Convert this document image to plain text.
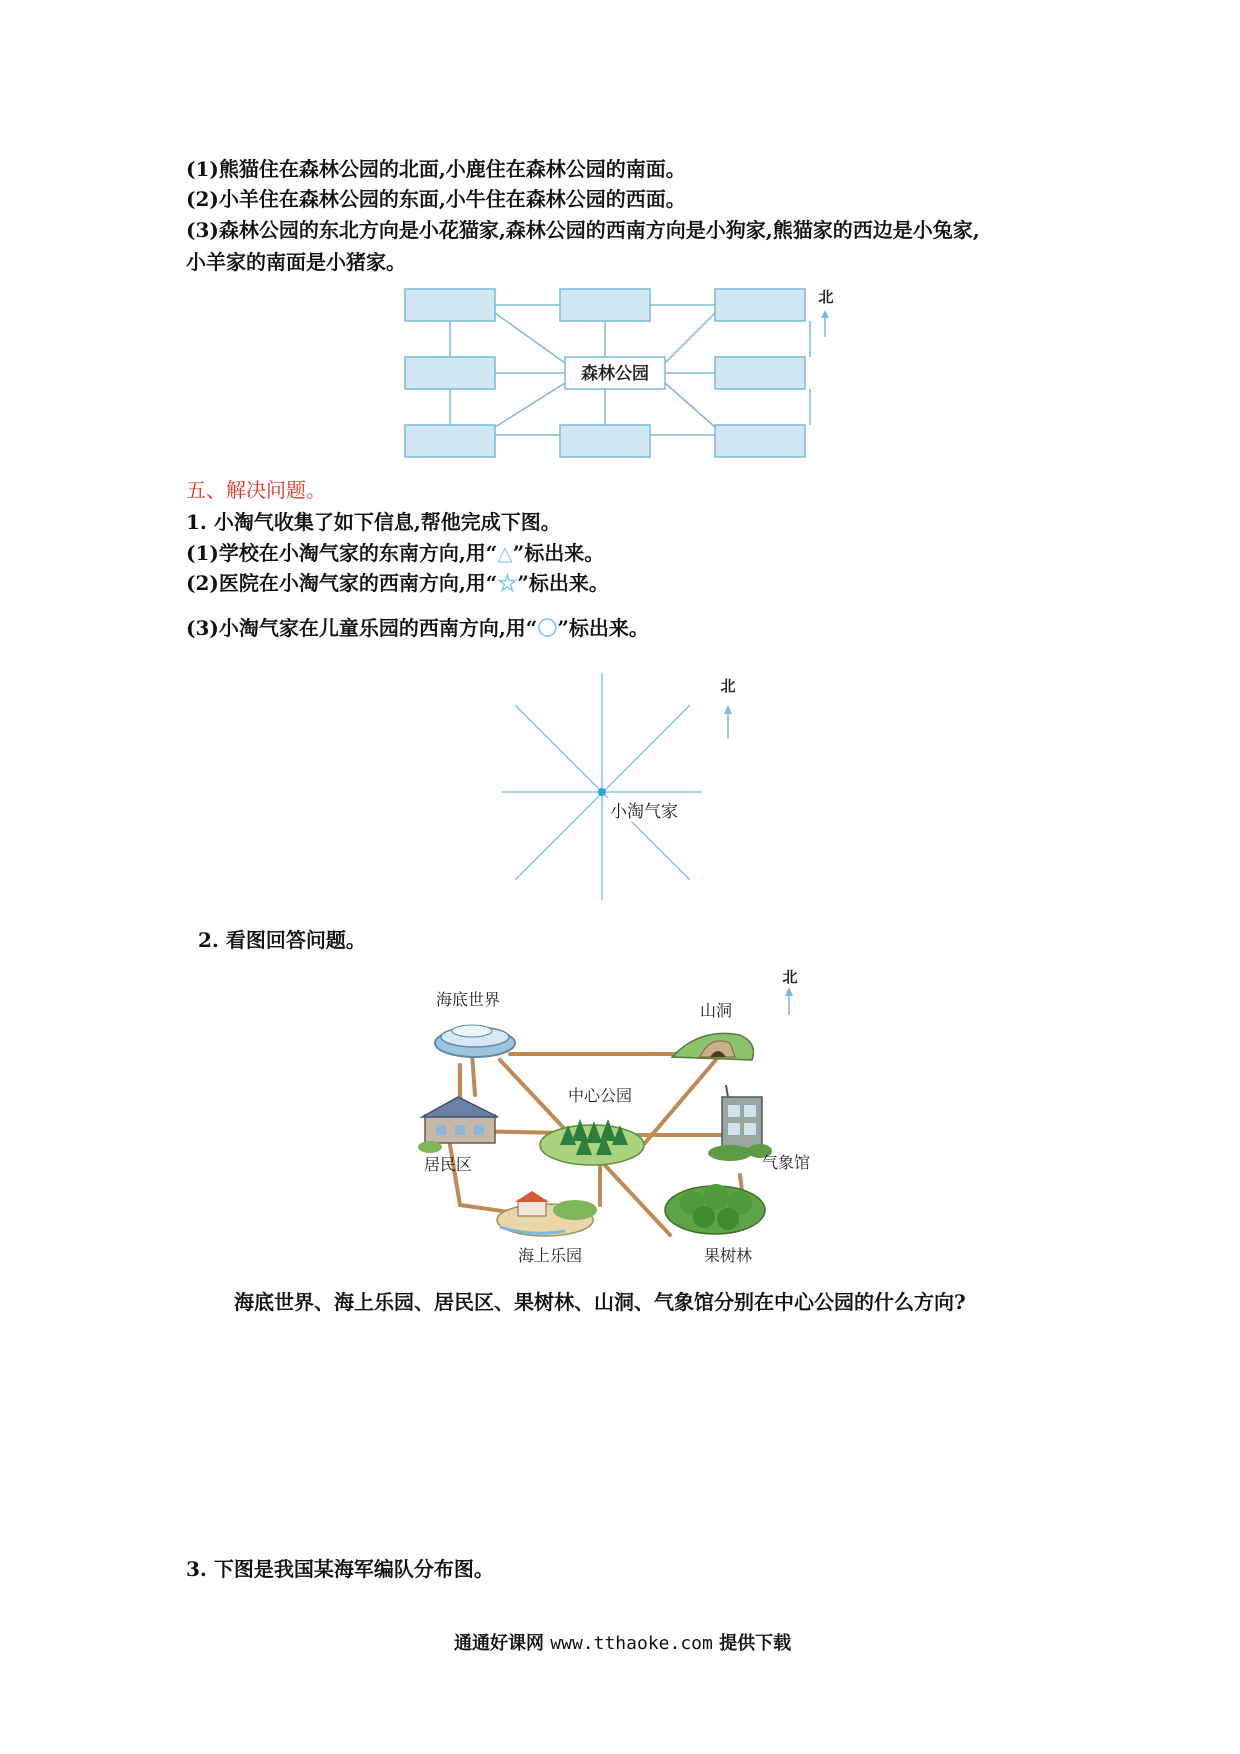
(1)熊猫住在森林公园的北面,小鹿住在森林公园的南面。
(2)小羊住在森林公园的东面,小牛住在森林公园的西面。
(3)森林公园的东北方向是小花猫家,森林公园的西南方向是小狗家,熊猫家的西边是小兔家,
小羊家的南面是小猪家。
森林公园
北
五、解决问题。
1. 小淘气收集了如下信息,帮他完成下图。
(1)学校在小淘气家的东南方向,用“△”标出来。
(2)医院在小淘气家的西南方向,用“☆”标出来。
(3)小淘气家在儿童乐园的西南方向,用“〇”标出来。
小淘气家
北
2. 看图回答问题。
海底世界
山洞
北
中心公园
居民区	气象馆
海上乐园	果树林
海底世界、海上乐园、居民区、果树林、山洞、气象馆分别在中心公园的什么方向?
3. 下图是我国某海军编队分布图。
通通好课网 www.tthaoke.com 提供下载
